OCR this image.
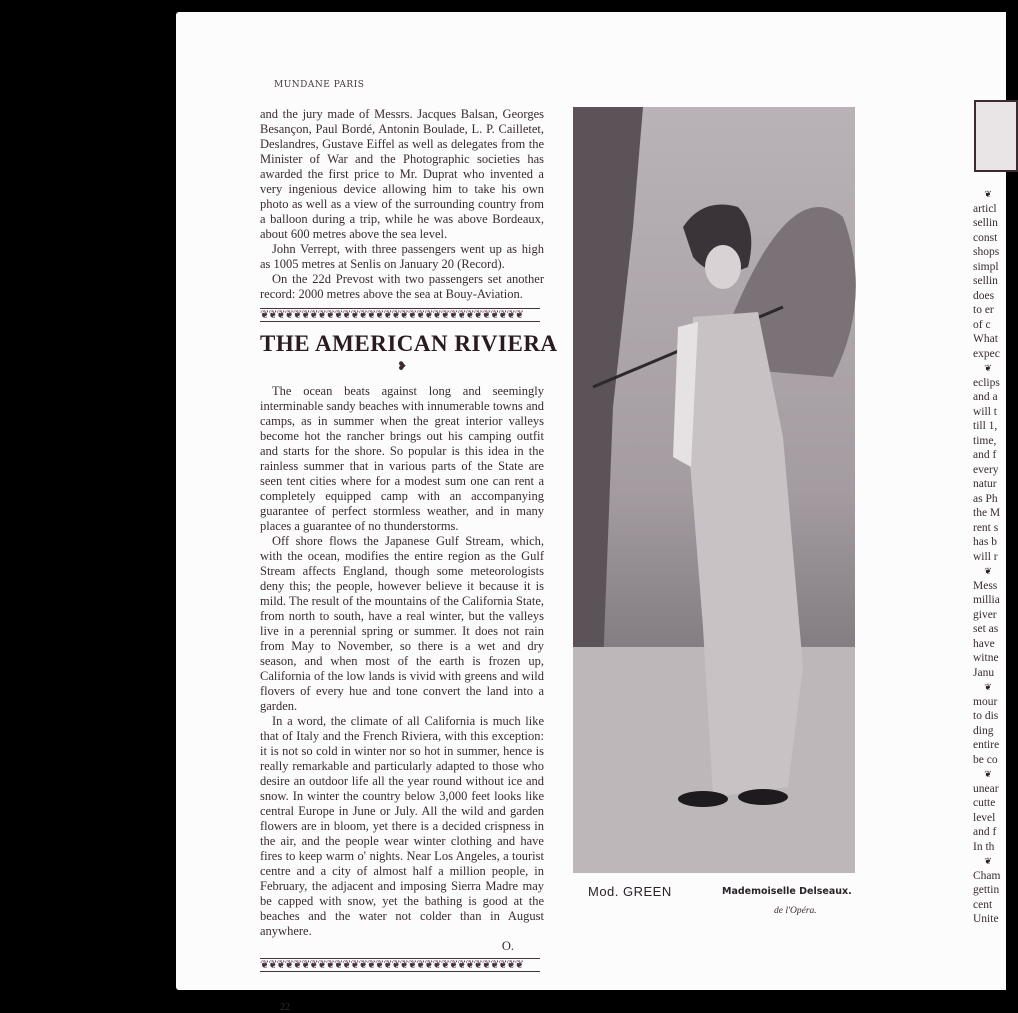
MUNDANE PARIS

and the jury made of Messrs. Jacques Balsan, Georges Besançon, Paul Bordé, Antonin Boulade, L. P. Cailletet, Deslandres, Gustave Eiffel as well as delegates from the Minister of War and the Photographic societies has awarded the first price to Mr. Duprat who invented a very ingenious device allowing him to take his own photo as well as a view of the surrounding country from a balloon during a trip, while he was above Bordeaux, about 600 metres above the sea level.

John Verrept, with three passengers went up as high as 1005 metres at Senlis on January 20 (Record).

On the 22d Prevost with two passengers set another record: 2000 metres above the sea at Bouy-Aviation.

❦❦❦❦❦❦❦❦❦❦❦❦❦❦❦❦❦❦❦❦❦❦❦❦❦❦❦❦❦❦❦❦
THE AMERICAN RIVIERA
❥

The ocean beats against long and seemingly interminable sandy beaches with innumerable towns and camps, as in summer when the great interior valleys become hot the rancher brings out his camping outfit and starts for the shore. So popular is this idea in the rainless summer that in various parts of the State are seen tent cities where for a modest sum one can rent a completely equipped camp with an accompanying guarantee of perfect stormless weather, and in many places a guarantee of no thunderstorms.

Off shore flows the Japanese Gulf Stream, which, with the ocean, modifies the entire region as the Gulf Stream affects England, though some meteorologists deny this; the people, however believe it because it is mild. The result of the mountains of the California State, from north to south, have a real winter, but the valleys live in a perennial spring or summer. It does not rain from May to November, so there is a wet and dry season, and when most of the earth is frozen up, California of the low lands is vivid with greens and wild flovers of every hue and tone convert the land into a garden.

In a word, the climate of all California is much like that of Italy and the French Riviera, with this exception: it is not so cold in winter nor so hot in summer, hence is really remarkable and particularly adapted to those who desire an outdoor life all the year round without ice and snow. In winter the country below 3,000 feet looks like central Europe in June or July. All the wild and garden flowers are in bloom, yet there is a decided crispness in the air, and the people wear winter clothing and have fires to keep warm o' nights. Near Los Angeles, a tourist centre and a city of almost half a million people, in February, the adjacent and imposing Sierra Madre may be capped with snow, yet the bathing is good at the beaches and the water not colder than in August anywhere.

O.
❦❦❦❦❦❦❦❦❦❦❦❦❦❦❦❦❦❦❦❦❦❦❦❦❦❦❦❦❦❦❦❦
22
Mod. GREEN	Mademoiselle Delseaux.
de l'Opéra.
❦
articl
sellin
const
shops
simpl
sellin
does
to er
of c
What
expec
❦
eclips
and a
will t
till 1,
time,
and f
every
natur
as Ph
the M
rent s
has b
will r
❦
Mess
millia
giver
set as
have
witne
Janu
❦
mour
to dis
ding
entire
be co
❦
unear
cutte
level
and f
In th
❦
Cham
gettin
cent
Unite
